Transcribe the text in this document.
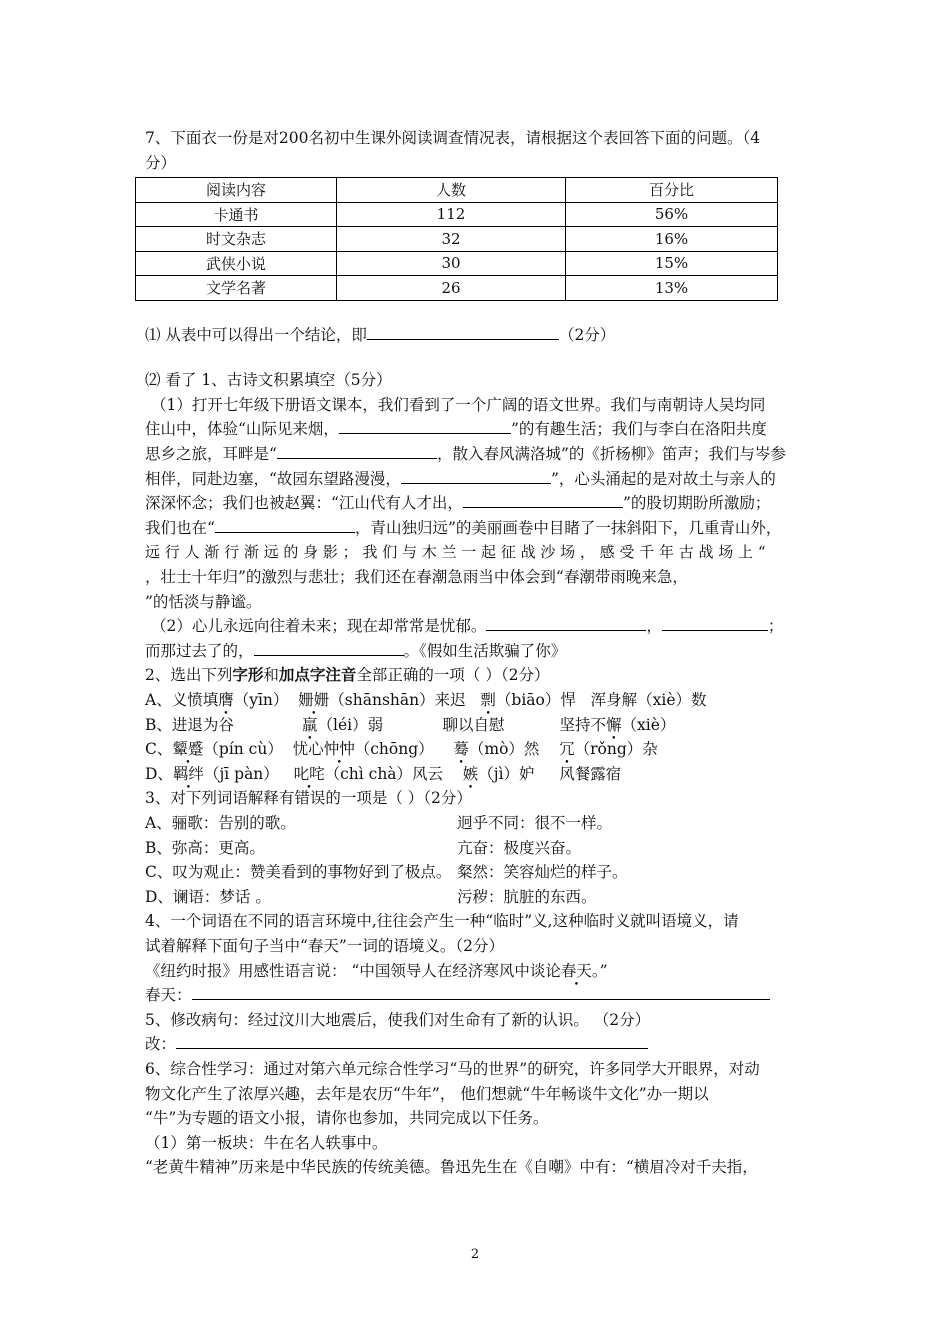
7、下面衣一份是对200名初中生课外阅读调查情况表，请根据这个表回答下面的问题。（4
分）
阅读内容	人数	百分比
卡通书	112	56%
时文杂志	32	16%
武侠小说	30	15%
文学名著	26	13%
⑴ 从表中可以得出一个结论，即	（2分）
⑵ 看了 1、古诗文积累填空（5分）
（1）打开七年级下册语文课本，我们看到了一个广阔的语文世界。我们与南朝诗人吴均同
住山中，体验“山际见来烟，	”的有趣生活；我们与李白在洛阳共度
思乡之旅，耳畔是“	，散入春风满洛城”的《折杨柳》笛声；我们与岑参
相伴，同赴边塞，“故园东望路漫漫，	”，心头涌起的是对故土与亲人的
深深怀念；我们也被赵翼：“江山代有人才出，	”的股切期盼所激励；
我们也在“	，青山独归远”的美丽画卷中目睹了一抹斜阳下，几重青山外，
远 行 人 渐 行 渐 远 的 身 影 ； 我 们 与 木 兰 一 起 征 战 沙 场 ， 感 受 千 年 古 战 场 上 “
，壮士十年归”的激烈与悲壮；我们还在春潮急雨当中体会到“春潮带雨晚来急，
”的恬淡与静谧。
（2）心儿永远向往着未来；现在却常常是忧郁。	，	；
而那过去了的，	。《假如生活欺骗了你》
2、选出下列字形和加点字注音全部正确的一项（ ）（2分）
A、义愤填膺（yīn） 姗姗（shānshān）来迟 剽（biāo）悍 浑身解（xiè）数
B、进退为谷	羸（léi）弱	聊以自慰	坚持不懈（xiè）
C、颦蹙（pín cù） 忧心忡忡（chōng） 蓦（mò）然 冗（rǒng）杂
D、羁绊（jī pàn） 叱咤（chì chà）风云 嫉（jì）妒 风餐露宿
3、对下列词语解释有错误的一项是（ ）（2分）
A、骊歌：告别的歌。	迥乎不同：很不一样。
B、弥高：更高。	亢奋：极度兴奋。
C、叹为观止：赞美看到的事物好到了极点。 粲然：笑容灿烂的样子。
D、谰语：梦话 。	污秽：肮脏的东西。
4、一个词语在不同的语言环境中,往往会产生一种“临时”义,这种临时义就叫语境义，请
试着解释下面句子当中“春天”一词的语境义。（2分）
《纽约时报》用感性语言说： “中国领导人在经济寒风中谈论春天。”
春天：
5、修改病句：经过汶川大地震后，使我们对生命有了新的认识。 （2分）
改：
6、综合性学习：通过对第六单元综合性学习“马的世界”的研究，许多同学大开眼界，对动
物文化产生了浓厚兴趣，去年是农历“牛年”， 他们想就“牛年畅谈牛文化”办一期以
“牛”为专题的语文小报，请你也参加，共同完成以下任务。
（1）第一板块：牛在名人轶事中。
“老黄牛精神”历来是中华民族的传统美德。鲁迅先生在《自嘲》中有：“横眉冷对千夫指，
2
